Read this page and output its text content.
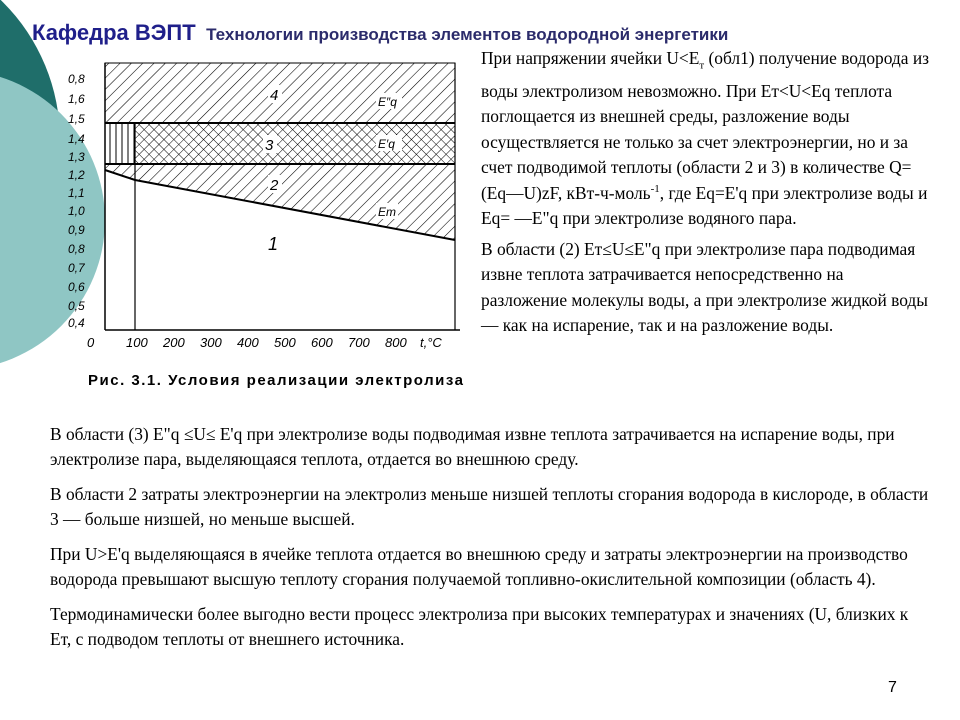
Кафедра ВЭПТ Технологии производства элементов водородной энергетики
0,8
1,6
1,5
1,4
1,3
1,2
1,1
1,0
0,9
0,8
0,7
0,6
0,5
0,4
0 100 200 300 400 500 600 700 800 t,°C
4
3
2
1
E″q
E′q
Eт
Рис. 3.1. Условия реализации электролиза

При напряжении ячейки $U<E_т$ (обл1) получение водорода из воды электролизом невозможно. При Eт<U<Eq теплота поглощается из внешней среды, разложение воды осуществляется не только за счет электроэнергии, но и за счет подводимой теплоты (области 2 и 3) в количестве Q=(Eq—U)zF, кВт-ч-моль$^{-1}$, где Eq=E'q при электролизе воды и Eq= —E"q при электролизе водяного пара.

В области (2) Eт≤U≤E"q при электролизе пара подводимая извне теплота затрачивается непосредственно на разложение молекулы воды, а при электролизе жидкой воды— как на испарение, так и на разложение воды.

В области (3) E"q ≤U≤ E'q при электролизе воды подводимая извне теплота затрачивается на испарение воды, при электролизе пара, выделяющаяся теплота, отдается во внешнюю среду.

В области 2 затраты электроэнергии на электролиз меньше низшей теплоты сгорания водорода в кислороде, в области 3 — больше низшей, но меньше высшей.

При U>E'q выделяющаяся в ячейке теплота отдается во внешнюю среду и затраты электроэнергии на производство водорода превышают высшую теплоту сгорания получаемой топливно-окислительной композиции (область 4).

Термодинамически более выгодно вести процесс электролиза при высоких температурах и значениях (U, близких к Eт, с подводом теплоты от внешнего источника.

7
